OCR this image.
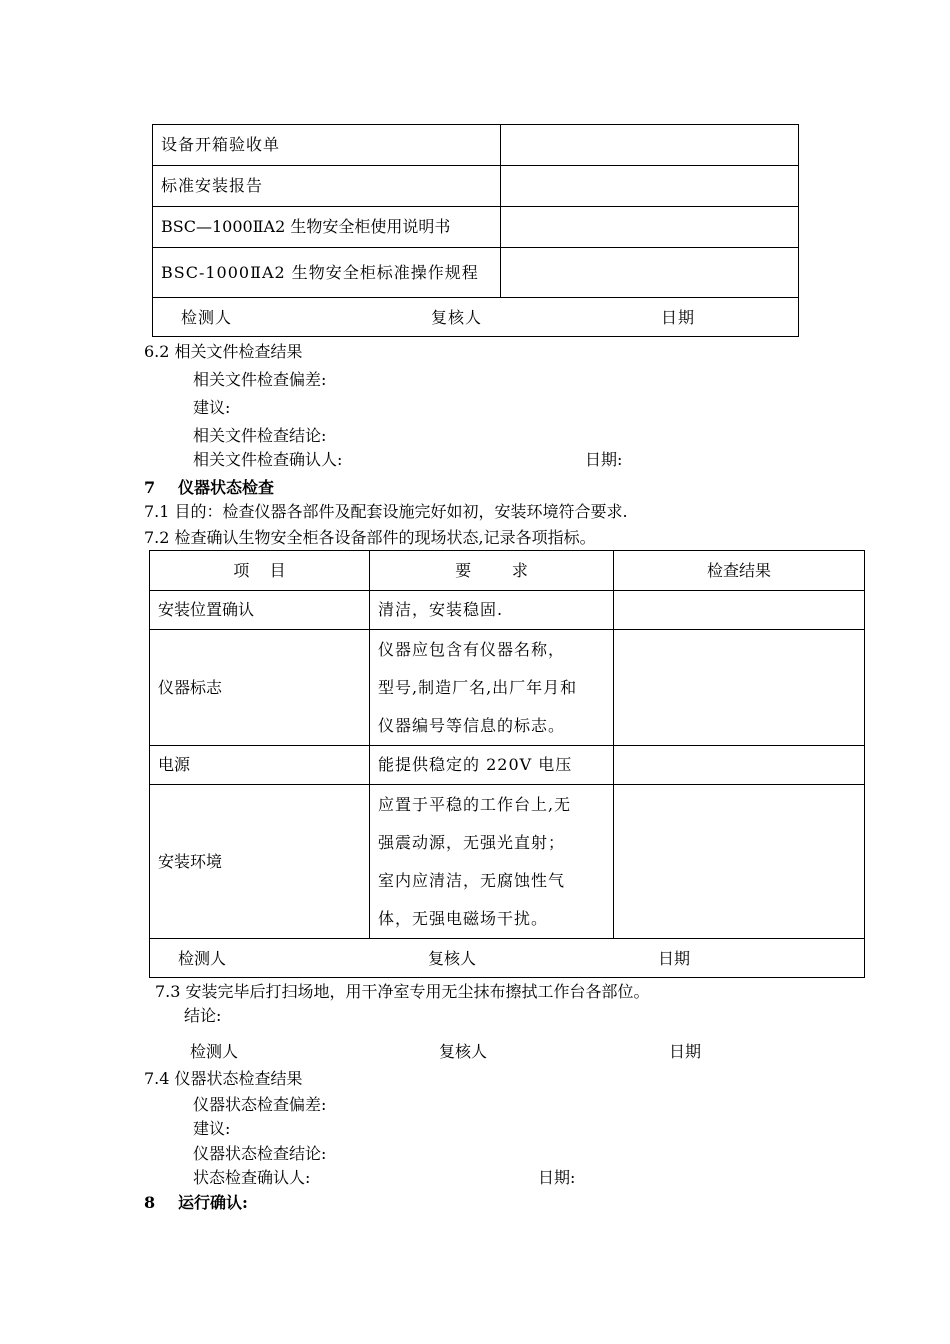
设备开箱验收单	
标准安装报告	
BSC—1000ⅡA2 生物安全柜使用说明书	
BSC-1000ⅡA2 生物安全柜标准操作规程	

检测人 复核人 日期	
6.2 相关文件检查结果
相关文件检查偏差:
建议:
相关文件检查结论:
相关文件检查确认人:	日期:
7 仪器状态检查
7.1 目的：检查仪器各部件及配套设施完好如初，安装环境符合要求.
7.2 检查确认生物安全柜各设备部件的现场状态,记录各项指标。
项    目	要        求	检查结果
安装位置确认	清洁，安装稳固.	

仪器标志	仪器应包含有仪器名称，
型号,制造厂名,出厂年月和
仪器编号等信息的标志。	

电源	能提供稳定的 220V 电压	

安装环境	应置于平稳的工作台上,无
强震动源，无强光直射；
室内应清洁，无腐蚀性气
体，无强电磁场干扰。	

检测人 复核人 日期		
7.3 安装完毕后打扫场地，用干净室专用无尘抹布擦拭工作台各部位。
结论:
检测人	复核人	日期
7.4 仪器状态检查结果
仪器状态检查偏差:
建议:
仪器状态检查结论:
状态检查确认人:	日期:
8 运行确认:
